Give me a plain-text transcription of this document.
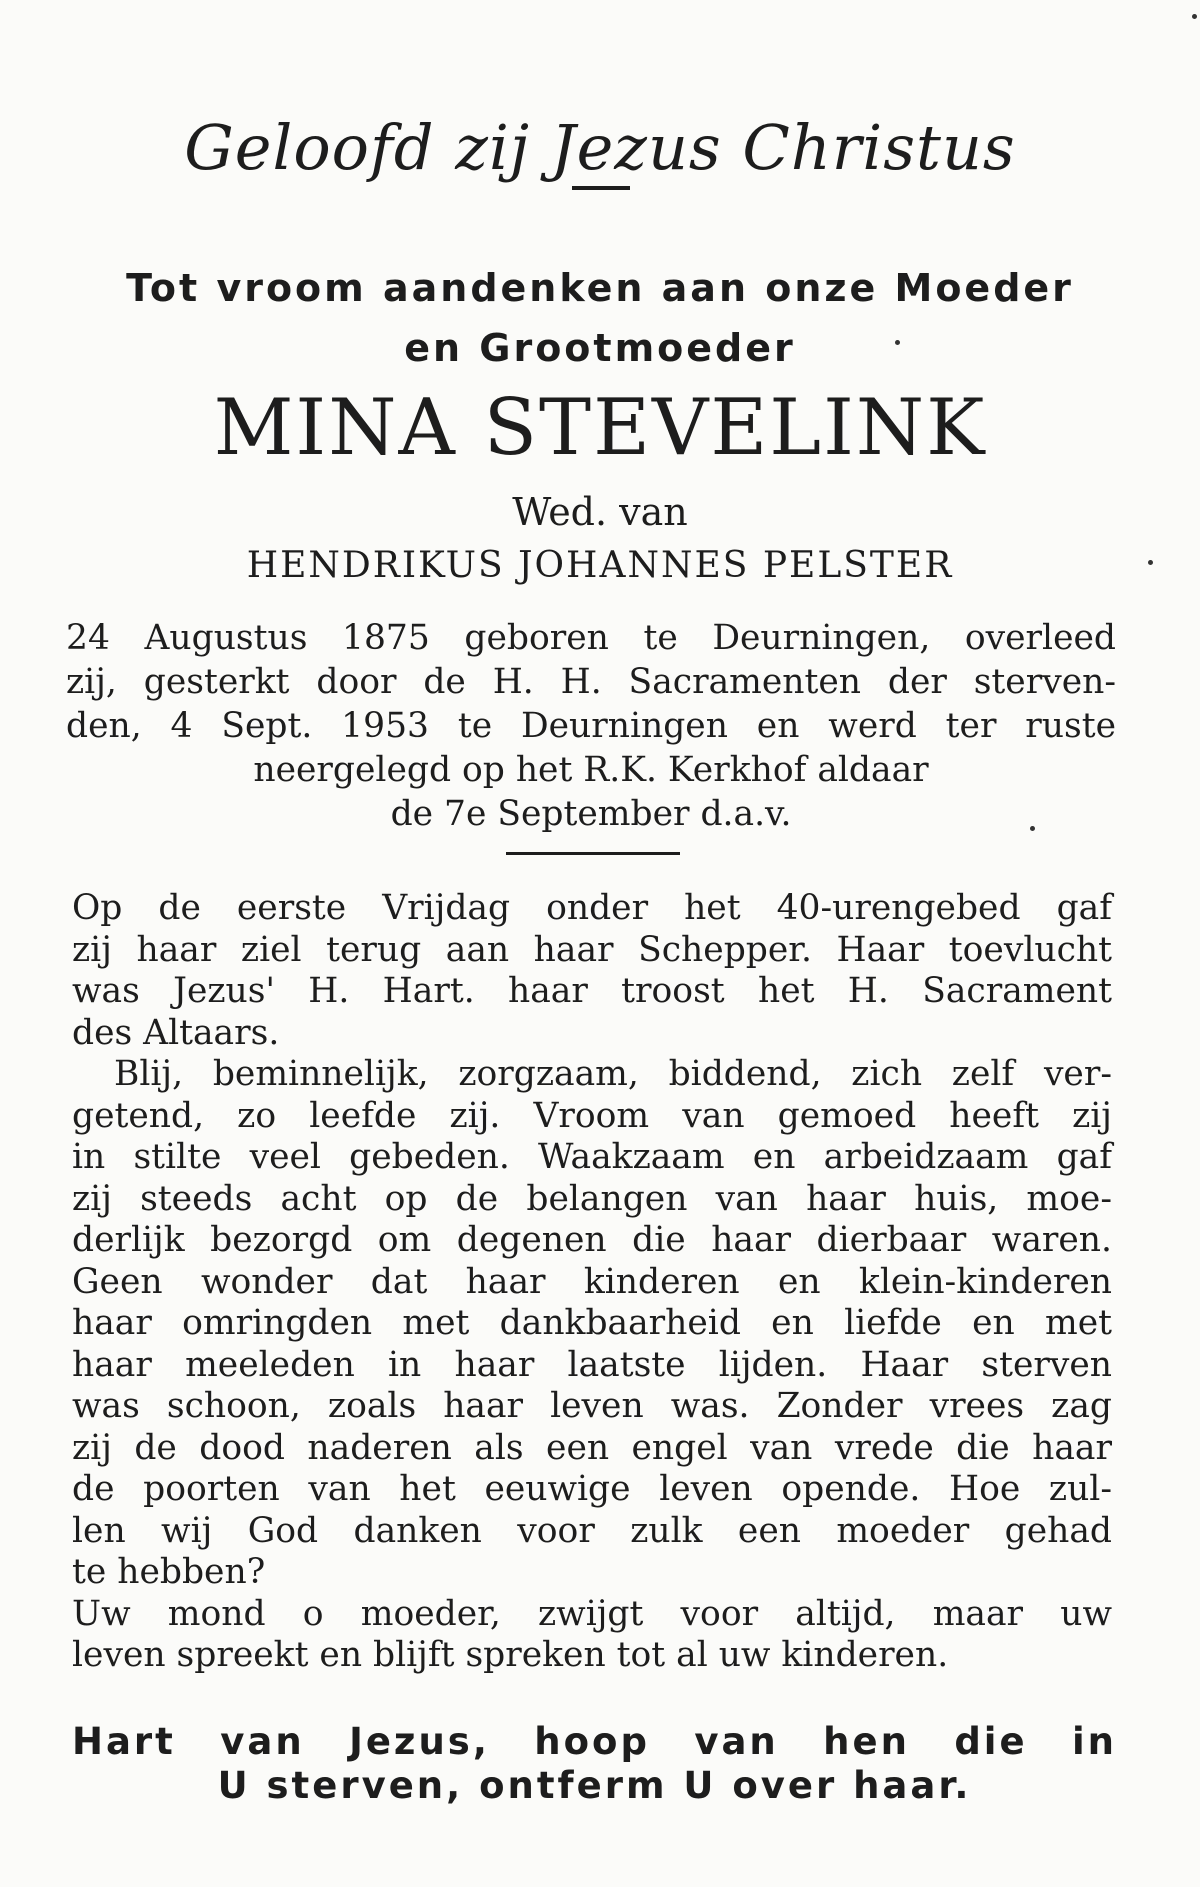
Geloofd zij Jezus Christus
Tot vroom aandenken aan onze Moeder
en Grootmoeder
MINA STEVELINK
Wed. van
HENDRIKUS JOHANNES PELSTER
24 Augustus 1875 geboren te Deurningen, overleed
zij, gesterkt door de H. H. Sacramenten der sterven-
den, 4 Sept. 1953 te Deurningen en werd ter ruste
neergelegd op het R.K. Kerkhof aldaar
de 7e September d.a.v.
Op de eerste Vrijdag onder het 40-urengebed gaf
zij haar ziel terug aan haar Schepper. Haar toevlucht
was Jezus' H. Hart. haar troost het H. Sacrament
des Altaars.
Blij, beminnelijk, zorgzaam, biddend, zich zelf ver-
getend, zo leefde zij. Vroom van gemoed heeft zij
in stilte veel gebeden. Waakzaam en arbeidzaam gaf
zij steeds acht op de belangen van haar huis, moe-
derlijk bezorgd om degenen die haar dierbaar waren.
Geen wonder dat haar kinderen en klein-kinderen
haar omringden met dankbaarheid en liefde en met
haar meeleden in haar laatste lijden. Haar sterven
was schoon, zoals haar leven was. Zonder vrees zag
zij de dood naderen als een engel van vrede die haar
de poorten van het eeuwige leven opende. Hoe zul-
len wij God danken voor zulk een moeder gehad
te hebben?
Uw mond o moeder, zwijgt voor altijd, maar uw
leven spreekt en blijft spreken tot al uw kinderen.
Hart van Jezus, hoop van hen die in
U sterven, ontferm U over haar.
